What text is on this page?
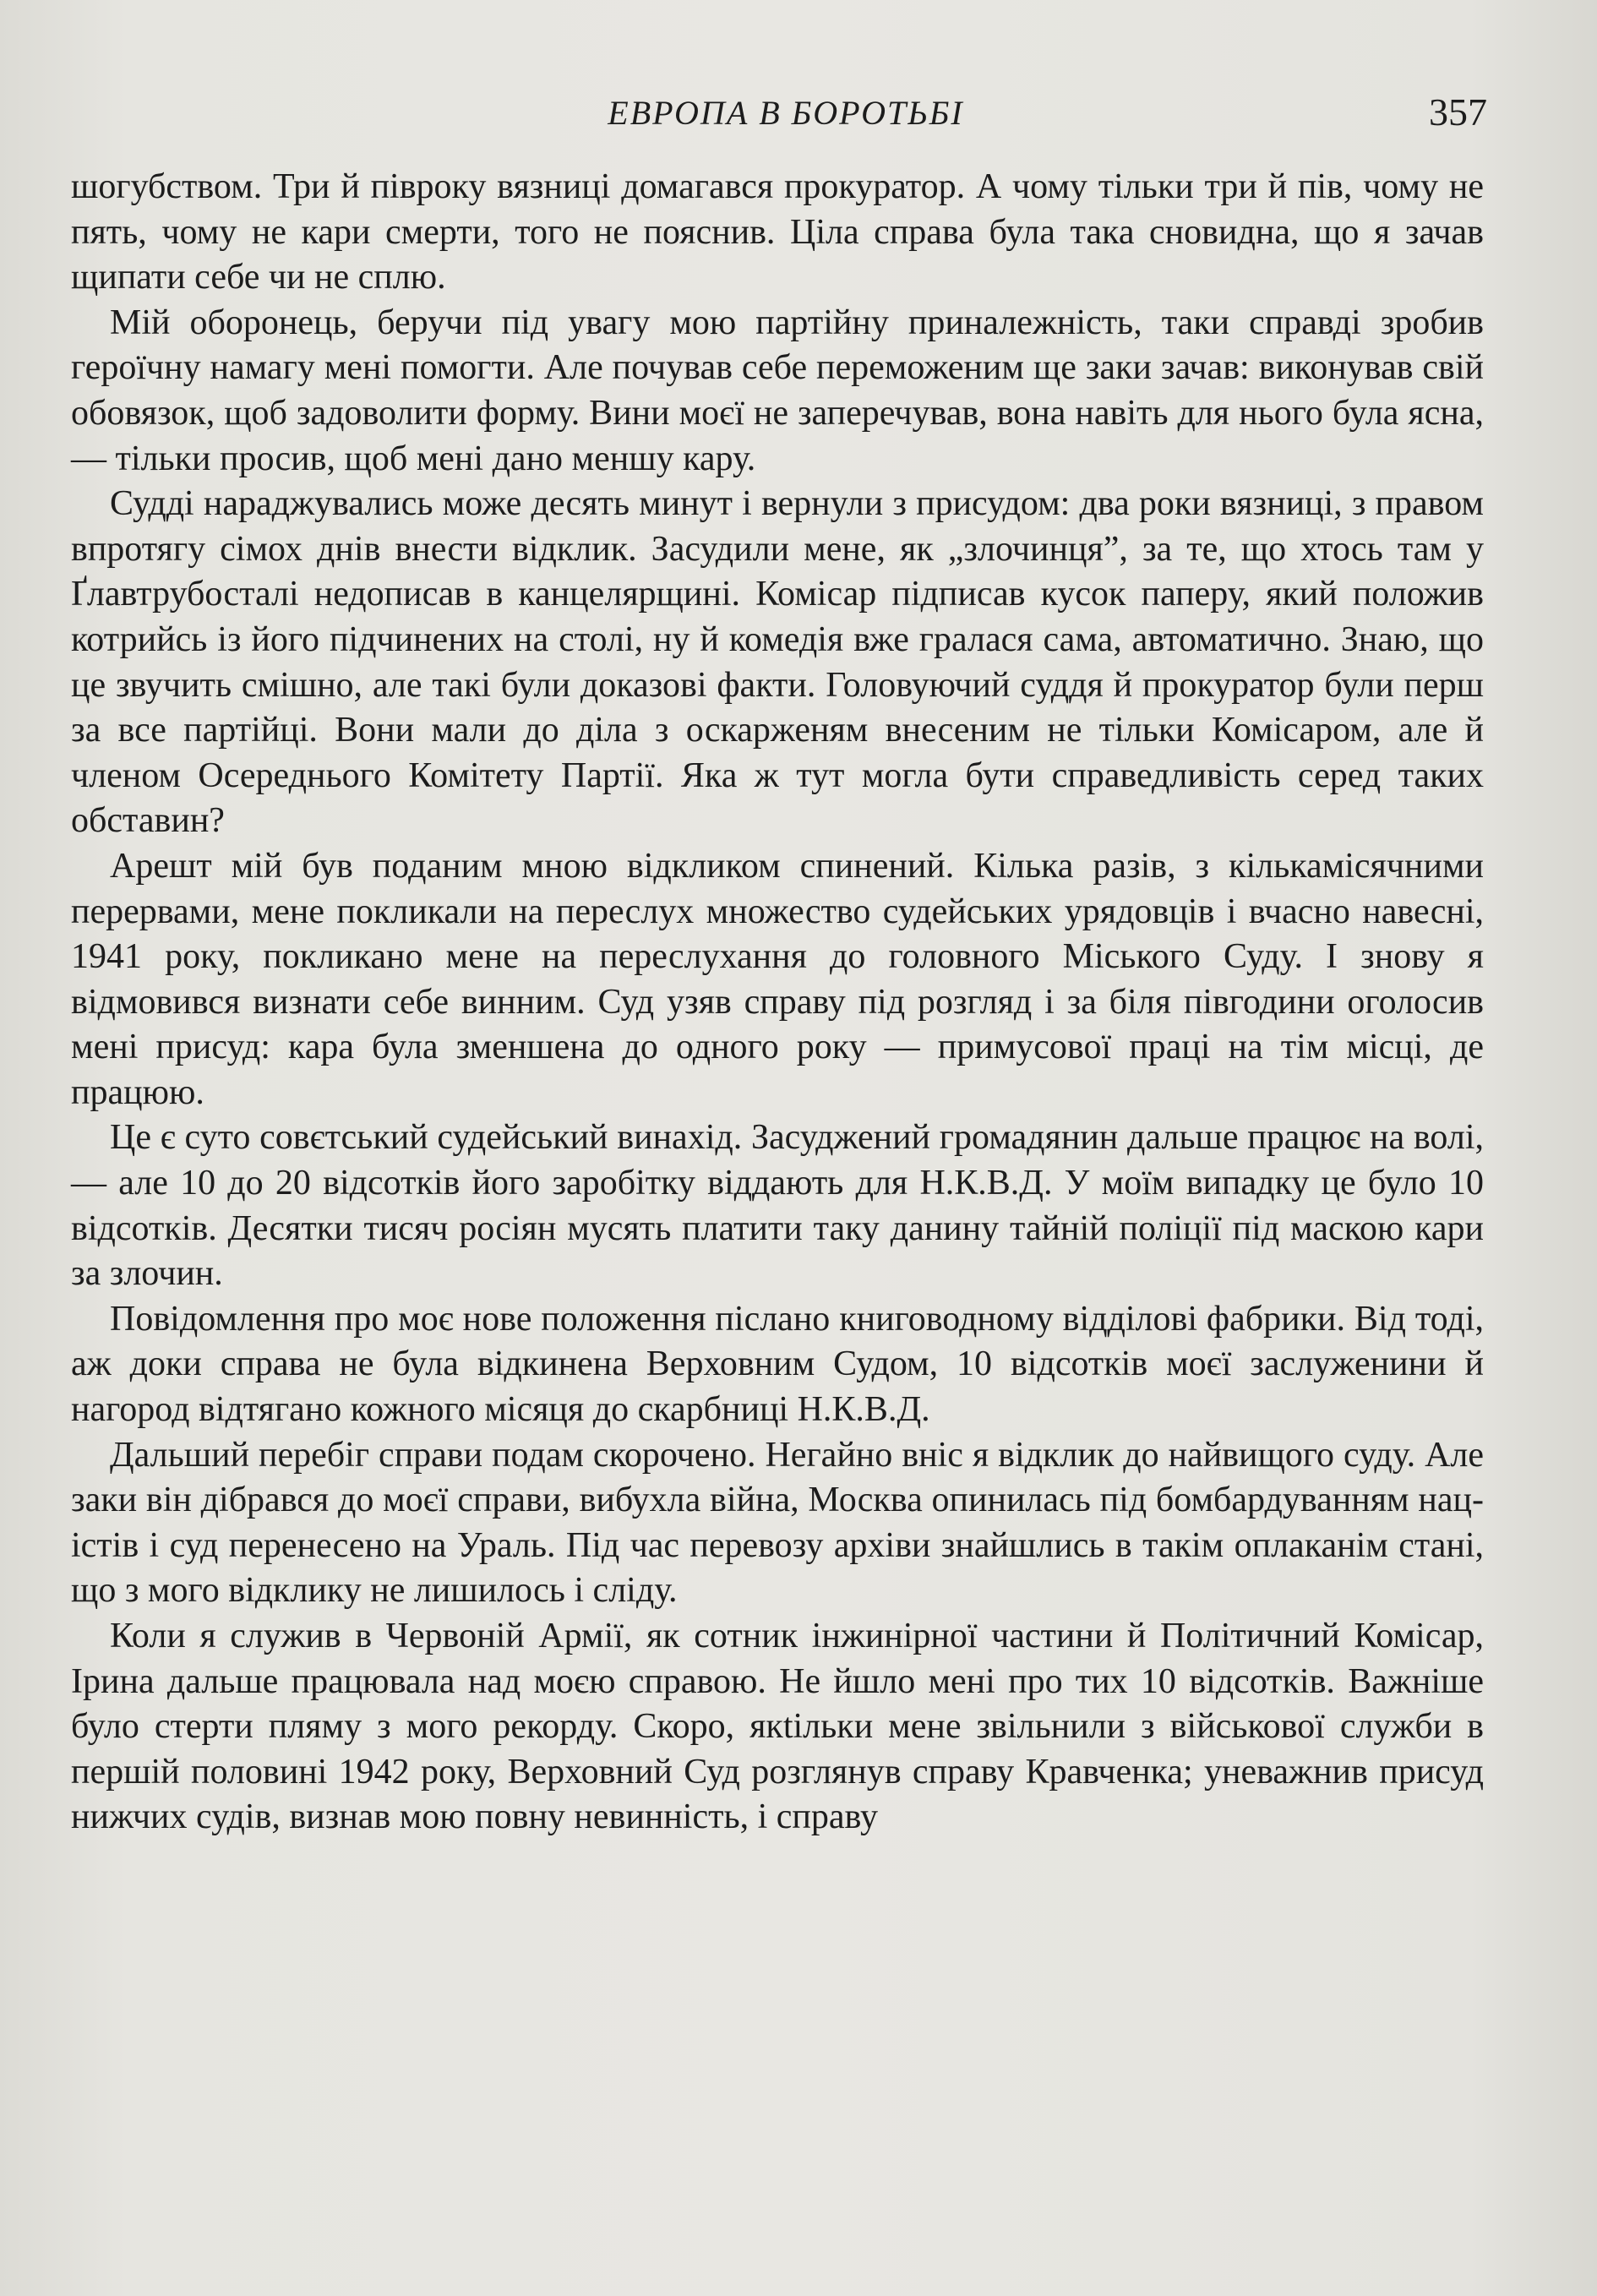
ЕВРОПА В БОРОТЬБІ	357

шогубством. Три й півроку вязниці домагався прокуратор. А чому тільки три й пів, чому не пять, чому не кари смерти, того не пояснив. Ціла справа була така сновидна, що я зачав щипати себе чи не сплю.

Мій оборонець, беручи під увагу мою партійну приналежність, таки справді зробив героїчну намагу мені помогти. Але почував себе переможеним ще заки зачав: виконував свій обовязок, щоб задоволити форму. Вини моєї не заперечував, вона навіть для нього була ясна, — тільки просив, щоб мені дано меншу кару.

Судді нараджувались може десять минут і вернули з присудом: два роки вязниці, з правом впротягу сімох днів внести відклик. Засудили мене, як „злочинця”, за те, що хтось там у Ґлавтрубосталі недописав в канцелярщині. Комісар підписав кусок паперу, який положив котрийсь із його підчинених на столі, ну й комедія вже гралася сама, автоматично. Знаю, що це звучить смішно, але такі були доказові факти. Головуючий суддя й прокуратор були перш за все партійці. Вони мали до діла з оскарженям внесеним не тільки Комісаром, але й членом Осереднього Комітету Партії. Яка ж тут могла бути справедливість серед таких обставин?

Арешт мій був поданим мною відкликом спинений. Кілька разів, з кількамісячними перервами, мене покликали на переслух множество судейських урядовців і вчасно навесні, 1941 року, покликано мене на переслухання до головного Міського Суду. І знову я відмовився визнати себе винним. Суд узяв справу під розгляд і за біля півгодини оголосив мені присуд: кара була зменшена до одного року — примусової праці на тім місці, де працюю.

Це є суто совєтський судейський винахід. Засуджений громадянин дальше працює на волі, — але 10 до 20 відсотків його заробітку віддають для Н.К.В.Д. У моїм випадку це було 10 відсотків. Десятки тисяч росіян мусять платити таку данину тайній поліції під маскою кари за злочин.

Повідомлення про моє нове положення післано книговодному відділові фабрики. Від тоді, аж доки справа не була відкинена Верховним Судом, 10 відсотків моєї заслуженини й нагород відтягано кожного місяця до скарбниці Н.К.В.Д.

Дальший перебіг справи подам скорочено. Негайно вніс я відклик до найвищого суду. Але заки він дібрався до моєї справи, вибухла війна, Москва опинилась під бомбардуванням нац-істів і суд перенесено на Ураль. Під час перевозу архіви знайшлись в такім оплаканім стані, що з мого відклику не лишилось і сліду.

Коли я служив в Червоній Армії, як сотник інжинірної частини й Політичний Комісар, Ірина дальше працювала над моєю справою. Не йшло мені про тих 10 відсотків. Важніше було стерти пляму з мого рекорду. Скоро, якtільки мене звільнили з військової служби в першій половині 1942 року, Верховний Суд розглянув справу Кравченка; уневажнив присуд нижчих судів, визнав мою повну невинність, і справу
